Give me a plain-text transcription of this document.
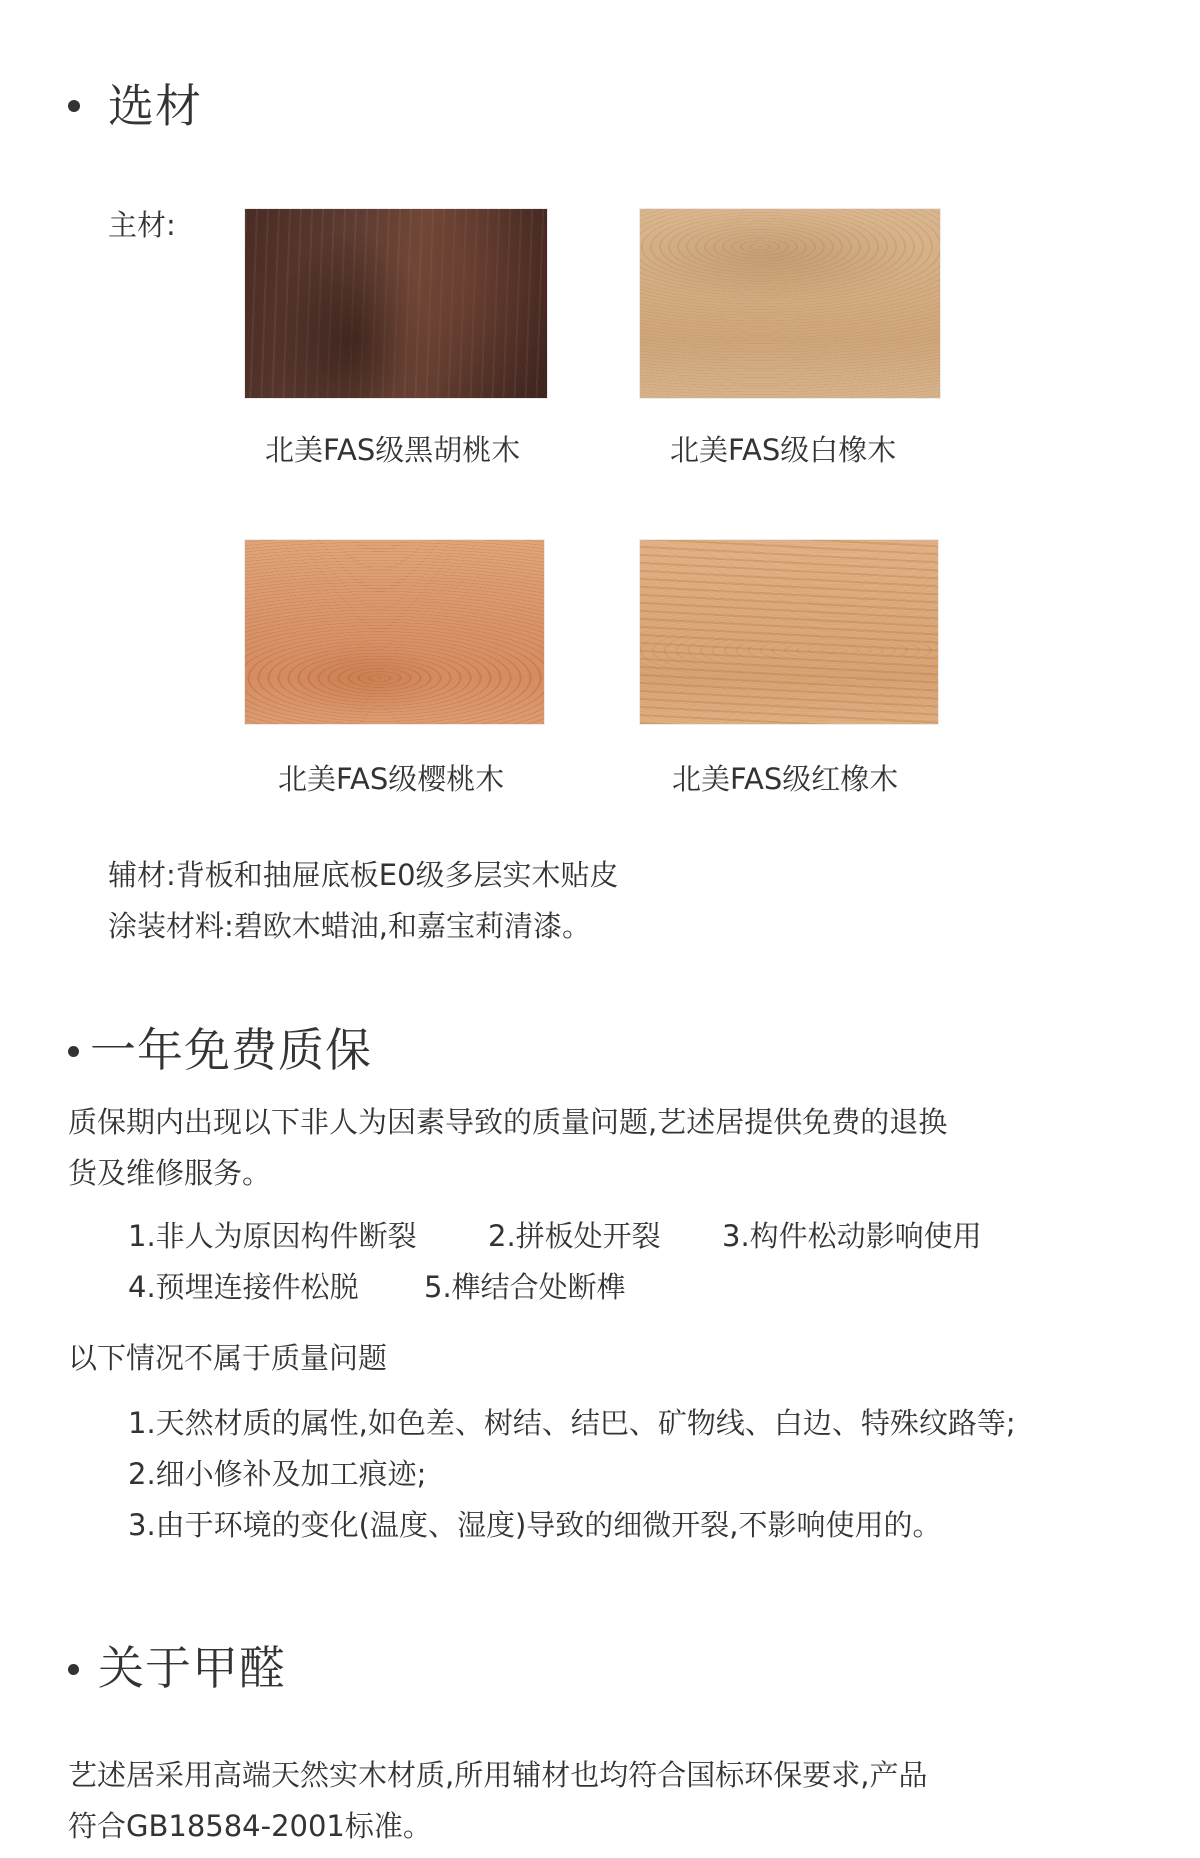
选材
主材:
北美FAS级黑胡桃木	北美FAS级白橡木
北美FAS级樱桃木	北美FAS级红橡木
辅材:背板和抽屉底板E0级多层实木贴皮
涂装材料:碧欧木蜡油,和嘉宝莉清漆。
一年免费质保
质保期内出现以下非人为因素导致的质量问题,艺述居提供免费的退换
货及维修服务。
1.非人为原因构件断裂 2.拼板处开裂 3.构件松动影响使用
4.预埋连接件松脱 5.榫结合处断榫
以下情况不属于质量问题
1.天然材质的属性,如色差、树结、结巴、矿物线、白边、特殊纹路等;
2.细小修补及加工痕迹;
3.由于环境的变化(温度、湿度)导致的细微开裂,不影响使用的。
关于甲醛
艺述居采用高端天然实木材质,所用辅材也均符合国标环保要求,产品
符合GB18584-2001标准。
